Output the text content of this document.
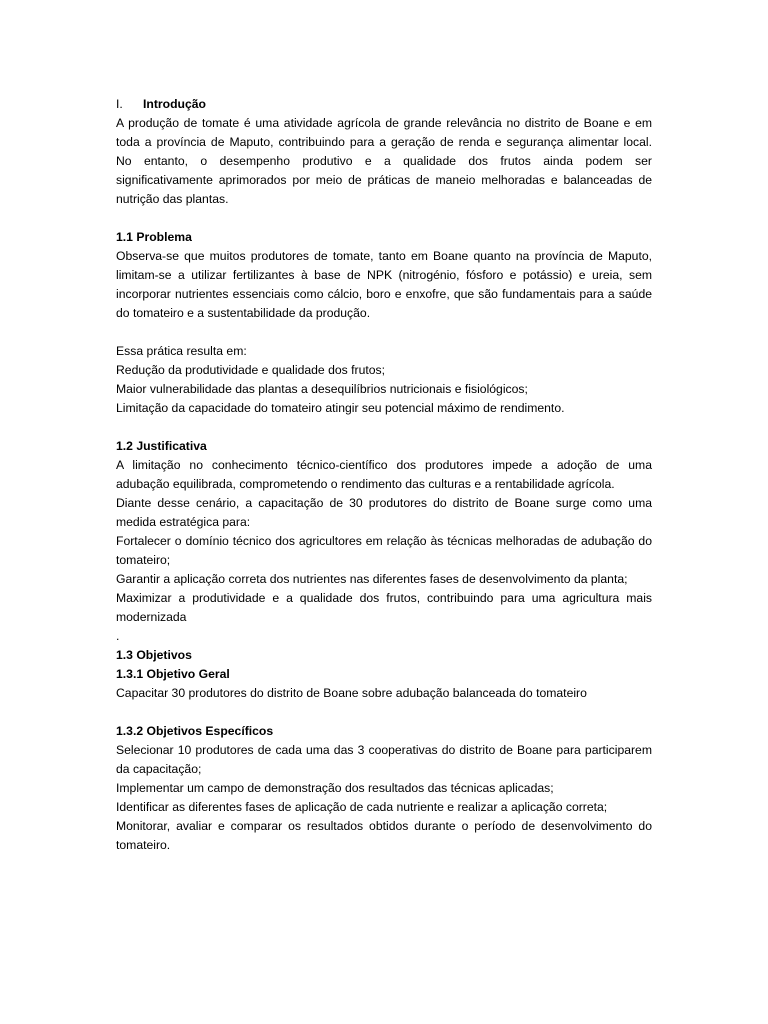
I. Introdução
A produção de tomate é uma atividade agrícola de grande relevância no distrito de Boane e em
toda a província de Maputo, contribuindo para a geração de renda e segurança alimentar local.
No entanto, o desempenho produtivo e a qualidade dos frutos ainda podem ser
significativamente aprimorados por meio de práticas de maneio melhoradas e balanceadas de
nutrição das plantas.
1.1 Problema
Observa-se que muitos produtores de tomate, tanto em Boane quanto na província de Maputo,
limitam-se a utilizar fertilizantes à base de NPK (nitrogénio, fósforo e potássio) e ureia, sem
incorporar nutrientes essenciais como cálcio, boro e enxofre, que são fundamentais para a saúde
do tomateiro e a sustentabilidade da produção.
Essa prática resulta em:
Redução da produtividade e qualidade dos frutos;
Maior vulnerabilidade das plantas a desequilíbrios nutricionais e fisiológicos;
Limitação da capacidade do tomateiro atingir seu potencial máximo de rendimento.
1.2 Justificativa
A limitação no conhecimento técnico-científico dos produtores impede a adoção de uma
adubação equilibrada, comprometendo o rendimento das culturas e a rentabilidade agrícola.
Diante desse cenário, a capacitação de 30 produtores do distrito de Boane surge como uma
medida estratégica para:
Fortalecer o domínio técnico dos agricultores em relação às técnicas melhoradas de adubação do
tomateiro;
Garantir a aplicação correta dos nutrientes nas diferentes fases de desenvolvimento da planta;
Maximizar a produtividade e a qualidade dos frutos, contribuindo para uma agricultura mais
modernizada
.
1.3 Objetivos
1.3.1 Objetivo Geral
Capacitar 30 produtores do distrito de Boane sobre adubação balanceada do tomateiro
1.3.2 Objetivos Específicos
Selecionar 10 produtores de cada uma das 3 cooperativas do distrito de Boane para participarem
da capacitação;
Implementar um campo de demonstração dos resultados das técnicas aplicadas;
Identificar as diferentes fases de aplicação de cada nutriente e realizar a aplicação correta;
Monitorar, avaliar e comparar os resultados obtidos durante o período de desenvolvimento do
tomateiro.
